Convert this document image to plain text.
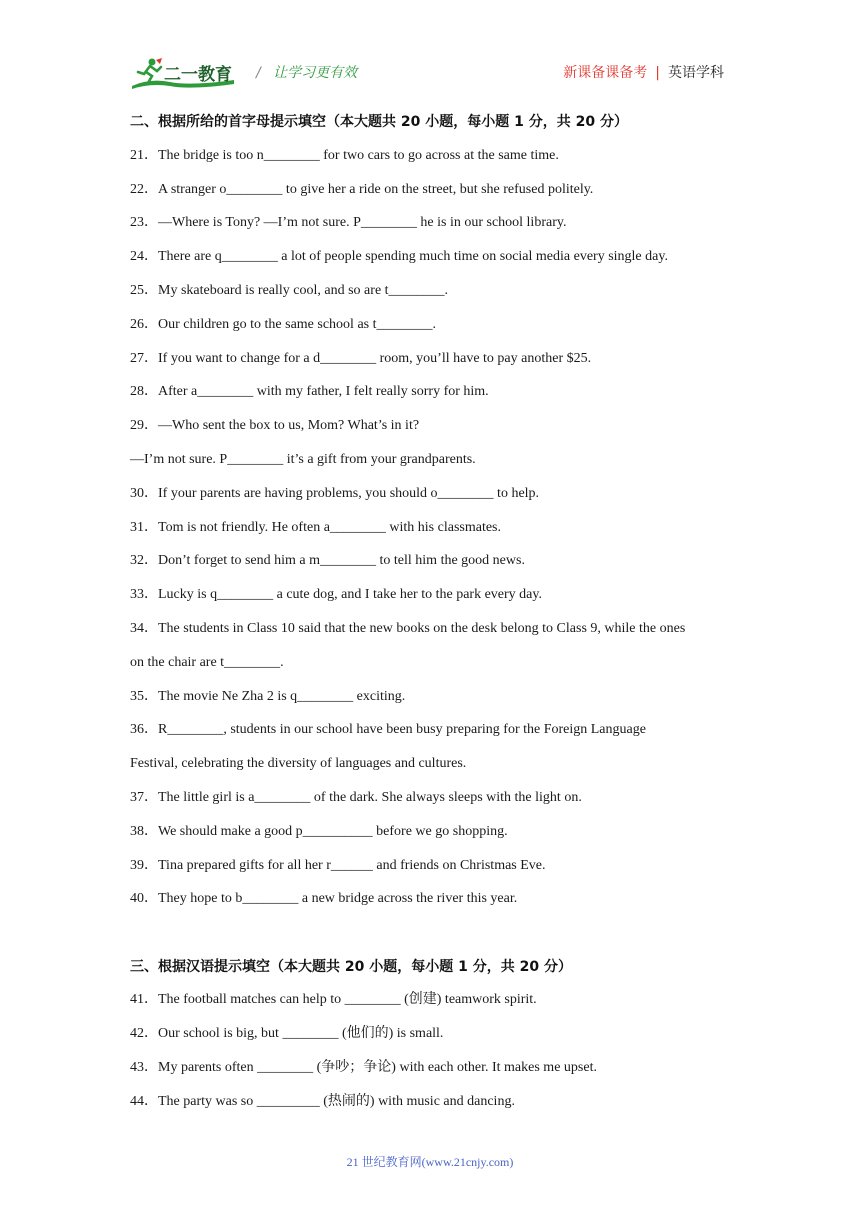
二一教育 / 让学习更有效	新课备课备考 | 英语学科
二、根据所给的首字母提示填空（本大题共 20 小题，每小题 1 分，共 20 分）
21．The bridge is too n________ for two cars to go across at the same time.
22．A stranger o________ to give her a ride on the street, but she refused politely.
23．—Where is Tony? —I’m not sure. P________ he is in our school library.
24．There are q________ a lot of people spending much time on social media every single day.
25．My skateboard is really cool, and so are t________.
26．Our children go to the same school as t________.
27．If you want to change for a d________ room, you’ll have to pay another $25.
28．After a________ with my father, I felt really sorry for him.
29．—Who sent the box to us, Mom? What’s in it?
—I’m not sure. P________ it’s a gift from your grandparents.
30．If your parents are having problems, you should o________ to help.
31．Tom is not friendly. He often a________ with his classmates.
32．Don’t forget to send him a m________ to tell him the good news.
33．Lucky is q________ a cute dog, and I take her to the park every day.
34．The students in Class 10 said that the new books on the desk belong to Class 9, while the ones
on the chair are t________.
35．The movie Ne Zha 2 is q________ exciting.
36．R________, students in our school have been busy preparing for the Foreign Language
Festival, celebrating the diversity of languages and cultures.
37．The little girl is a________ of the dark. She always sleeps with the light on.
38．We should make a good p__________ before we go shopping.
39．Tina prepared gifts for all her r______ and friends on Christmas Eve.
40．They hope to b________ a new bridge across the river this year.
三、根据汉语提示填空（本大题共 20 小题，每小题 1 分，共 20 分）
41．The football matches can help to ________ (创建) teamwork spirit.
42．Our school is big, but ________ (他们的) is small.
43．My parents often ________ (争吵；争论) with each other. It makes me upset.
44．The party was so _________ (热闹的) with music and dancing.
21 世纪教育网(www.21cnjy.com)
